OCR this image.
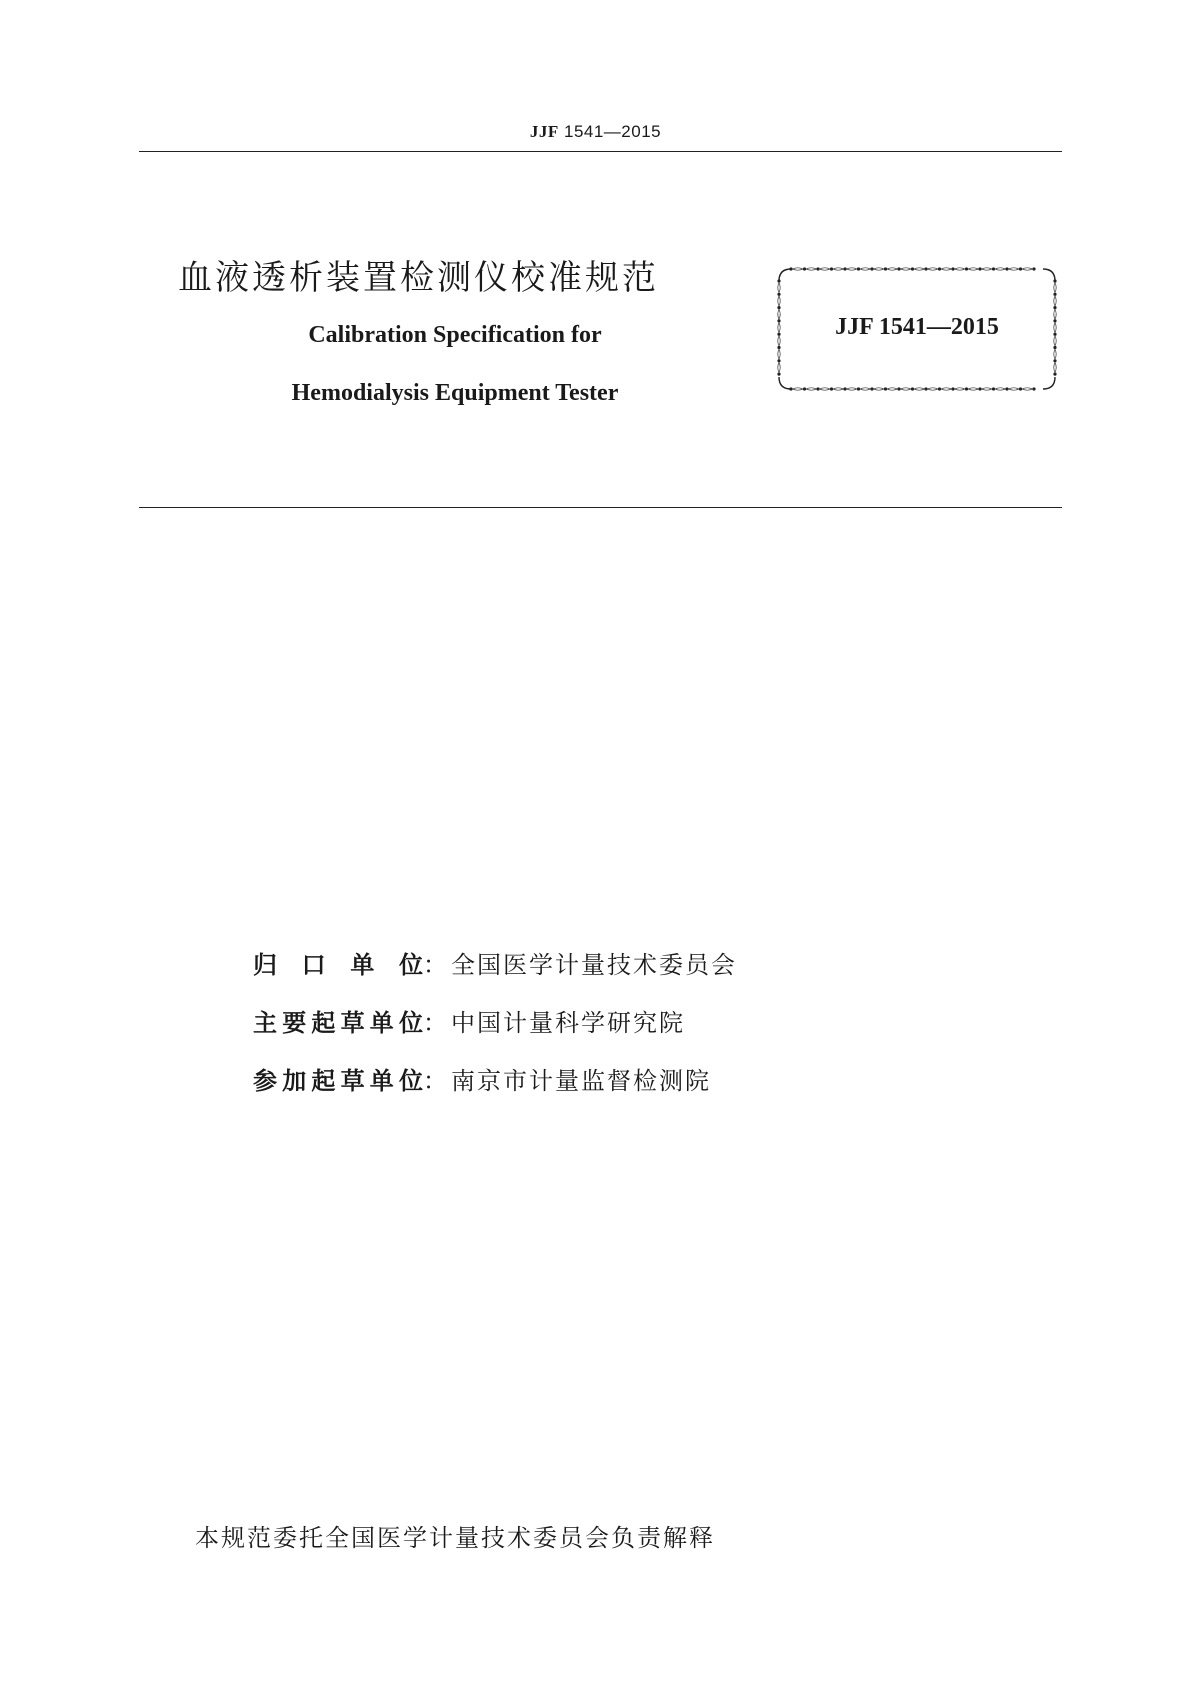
JJF 1541—2015
血液透析装置检测仪校准规范
Calibration Specification for
Hemodialysis Equipment Tester
JJF 1541—2015
归 口 单 位 ： 全国医学计量技术委员会
主 要 起 草 单 位 ： 中国计量科学研究院
参 加 起 草 单 位 ： 南京市计量监督检测院
本规范委托全国医学计量技术委员会负责解释
